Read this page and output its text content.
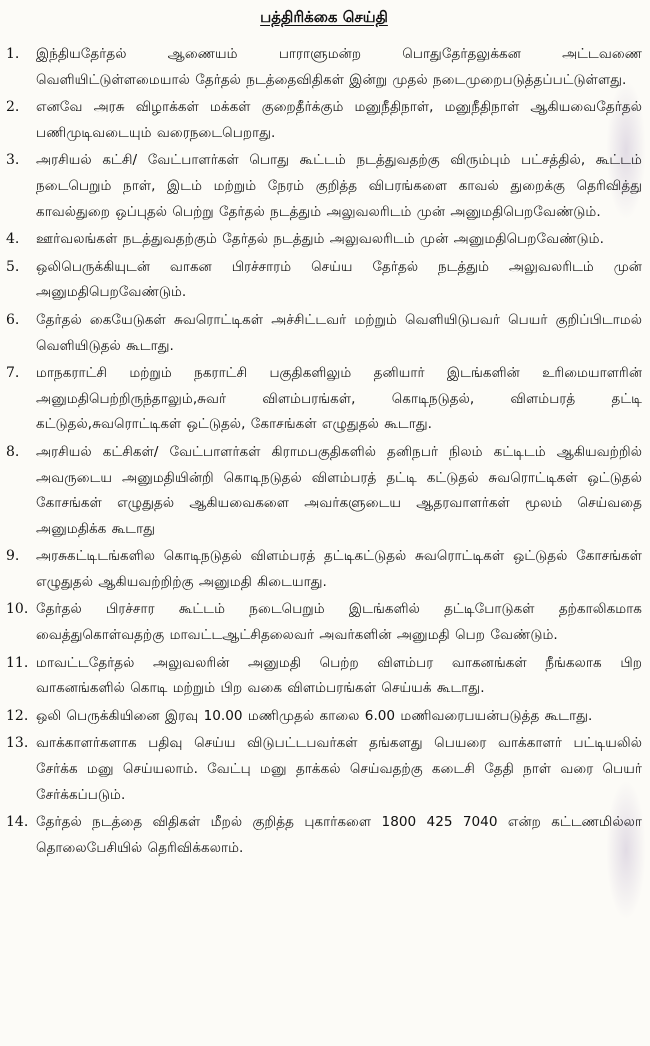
பத்திரிக்கை செய்தி
1.	இந்தியதேர்தல் ஆணையம் பாராளுமன்ற பொதுதேர்தலுக்கன அட்டவணை வெளியிட்டுள்ளமையால் தேர்தல் நடத்தைவிதிகள் இன்று முதல் நடைமுறைபடுத்தப்பட்டுள்ளது.
2.	எனவே அரசு விழாக்கள் மக்கள் குறைதீர்க்கும் மனுநீதிநாள், மனுநீதிநாள் ஆகியவைதேர்தல் பணிமுடிவடையும் வரைநடைபெறாது.
3.	அரசியல் கட்சி/ வேட்பாளர்கள் பொது கூட்டம் நடத்துவதற்கு விரும்பும் பட்சத்தில், கூட்டம் நடைபெறும் நாள், இடம் மற்றும் நேரம் குறித்த விபரங்களை காவல் துறைக்கு தெரிவித்து காவல்துறை ஒப்புதல் பெற்று தேர்தல் நடத்தும் அலுவலரிடம் முன் அனுமதிபெறவேண்டும்.
4.	ஊர்வலங்கள் நடத்துவதற்கும் தேர்தல் நடத்தும் அலுவலரிடம் முன் அனுமதிபெறவேண்டும்.
5.	ஒலிபெருக்கியுடன் வாகன பிரச்சாரம் செய்ய தேர்தல் நடத்தும் அலுவலரிடம் முன் அனுமதிபெறவேண்டும்.
6.	தேர்தல் கையேடுகள் சுவரொட்டிகள் அச்சிட்டவர் மற்றும் வெளியிடுபவர் பெயர் குறிப்பிடாமல் வெளியிடுதல் கூடாது.
7.	மாநகராட்சி மற்றும் நகராட்சி பகுதிகளிலும் தனியார் இடங்களின் உரிமையாளரின் அனுமதிபெற்றிருந்தாலும்,சுவர் விளம்பரங்கள், கொடிநடுதல், விளம்பரத் தட்டி கட்டுதல்,சுவரொட்டிகள் ஒட்டுதல், கோசங்கள் எழுதுதல் கூடாது.
8.	அரசியல் கட்சிகள்/ வேட்பாளர்கள் கிராமபகுதிகளில் தனிநபர் நிலம் கட்டிடம் ஆகியவற்றில் அவருடைய அனுமதியின்றி கொடிநடுதல் விளம்பரத் தட்டி கட்டுதல் சுவரொட்டிகள் ஒட்டுதல் கோசங்கள் எழுதுதல் ஆகியவைகளை அவர்களுடைய ஆதரவாளர்கள் மூலம் செய்வதை அனுமதிக்க கூடாது
9.	அரசுகட்டிடங்களில கொடிநடுதல் விளம்பரத் தட்டிகட்டுதல் சுவரொட்டிகள் ஒட்டுதல் கோசங்கள் எழுதுதல் ஆகியவற்றிற்கு அனுமதி கிடையாது.
10. தேர்தல் பிரச்சார கூட்டம் நடைபெறும் இடங்களில் தட்டிபோடுகள் தற்காலிகமாக வைத்துகொள்வதற்கு மாவட்டஆட்சிதலைவர் அவர்களின் அனுமதி பெற வேண்டும்.
11. மாவட்டதேர்தல் அலுவலரின் அனுமதி பெற்ற விளம்பர வாகனங்கள் நீங்கலாக பிற வாகனங்களில் கொடி மற்றும் பிற வகை விளம்பரங்கள் செய்யக் கூடாது.
12. ஒலி பெருக்கியினை இரவு 10.00 மணிமுதல் காலை 6.00 மணிவரைபயன்படுத்த கூடாது.
13. வாக்காளர்களாக பதிவு செய்ய விடுபட்டபவர்கள் தங்களது பெயரை வாக்காளர் பட்டியலில் சேர்க்க மனு செய்யலாம். வேட்பு மனு தாக்கல் செய்வதற்கு கடைசி தேதி நாள் வரை பெயர் சேர்க்கப்படும்.
14. தேர்தல் நடத்தை விதிகள் மீறல் குறித்த புகார்களை 1800 425 7040 என்ற கட்டணமில்லா தொலைபேசியில் தெரிவிக்கலாம்.
